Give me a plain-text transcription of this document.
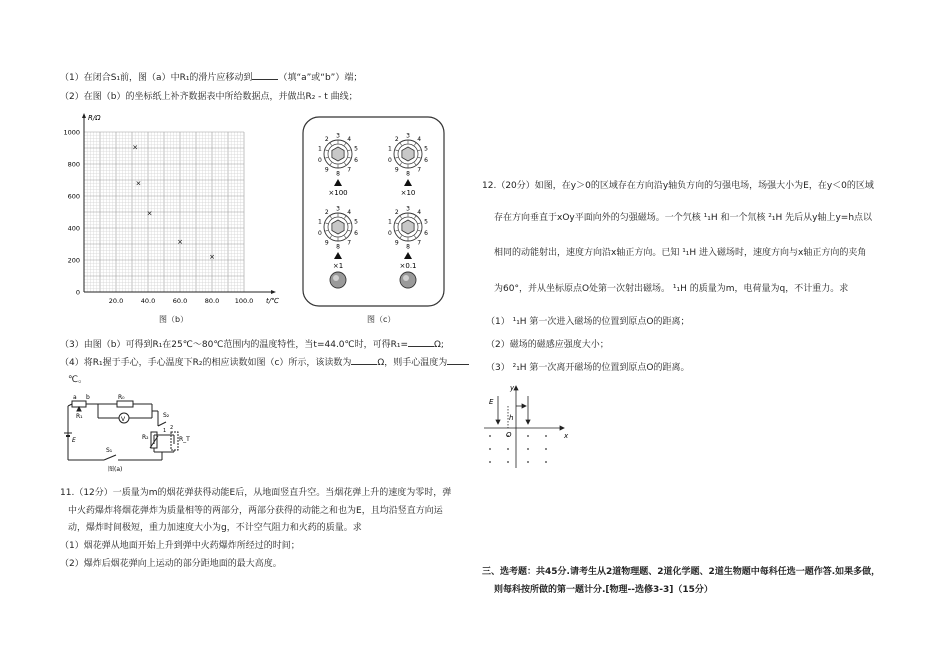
（1）在闭合S₁前，图（a）中R₁的滑片应移动到	（填“a”或“b”）端；
（2）在图（b）的坐标纸上补齐数据表中所给数据点，并做出R₂ - t 曲线；
R/Ω
t/℃
1000
800
600
400
200
0
20.0	40.0	60.0	80.0 100.0
×
×
×
×
×
图（b）
0
1
2
3
4
5
6
7
8
9
×100
0
1
2
3
4
5
6
7
8
9
×10
0
1
2
3
4
5
6
7
8
9
×1
0
1
2
3
4
5
6
7
8
9
×0.1
图（c）
（3）由图（b）可得到R₁在25℃～80℃范围内的温度特性，当t=44.0℃时，可得R₁=	Ω;
（4）将R₁握于手心，手心温度下R₂的相应读数如图（c）所示，该读数为	Ω，则手心温度为
℃。
a b
R₁
R₀
V
S₂
E	R₂	R_T
S₁
1 2
图(a)
11.（12分）一质量为m的烟花弹获得动能E后，从地面竖直升空。当烟花弹上升的速度为零时，弹
中火药爆炸将烟花弹炸为质量相等的两部分，两部分获得的动能之和也为E，且均沿竖直方向运
动，爆炸时间极短，重力加速度大小为g，不计空气阻力和火药的质量。求
（1）烟花弹从地面开始上升到弹中火药爆炸所经过的时间；
（2）爆炸后烟花弹向上运动的部分距地面的最大高度。
12.（20分）如图，在y＞0的区域存在方向沿y轴负方向的匀强电场，场强大小为E，在y＜0的区域
存在方向垂直于xOy平面向外的匀强磁场。一个氕核 ¹₁H 和一个氘核 ²₁H 先后从y轴上y=h点以
相同的动能射出，速度方向沿x轴正方向。已知 ¹₁H 进入磁场时，速度方向与x轴正方向的夹角
为60°，并从坐标原点O处第一次射出磁场。 ¹₁H 的质量为m，电荷量为q，不计重力。求
（1） ¹₁H 第一次进入磁场的位置到原点O的距离；
（2）磁场的磁感应强度大小；
（3） ²₁H 第一次离开磁场的位置到原点O的距离。
y
E
h
O	x
三、选考题：共45分.请考生从2道物理题、2道化学题、2道生物题中每科任选一题作答.如果多做，
则每科按所做的第一题计分.[物理--选修3-3]（15分）
